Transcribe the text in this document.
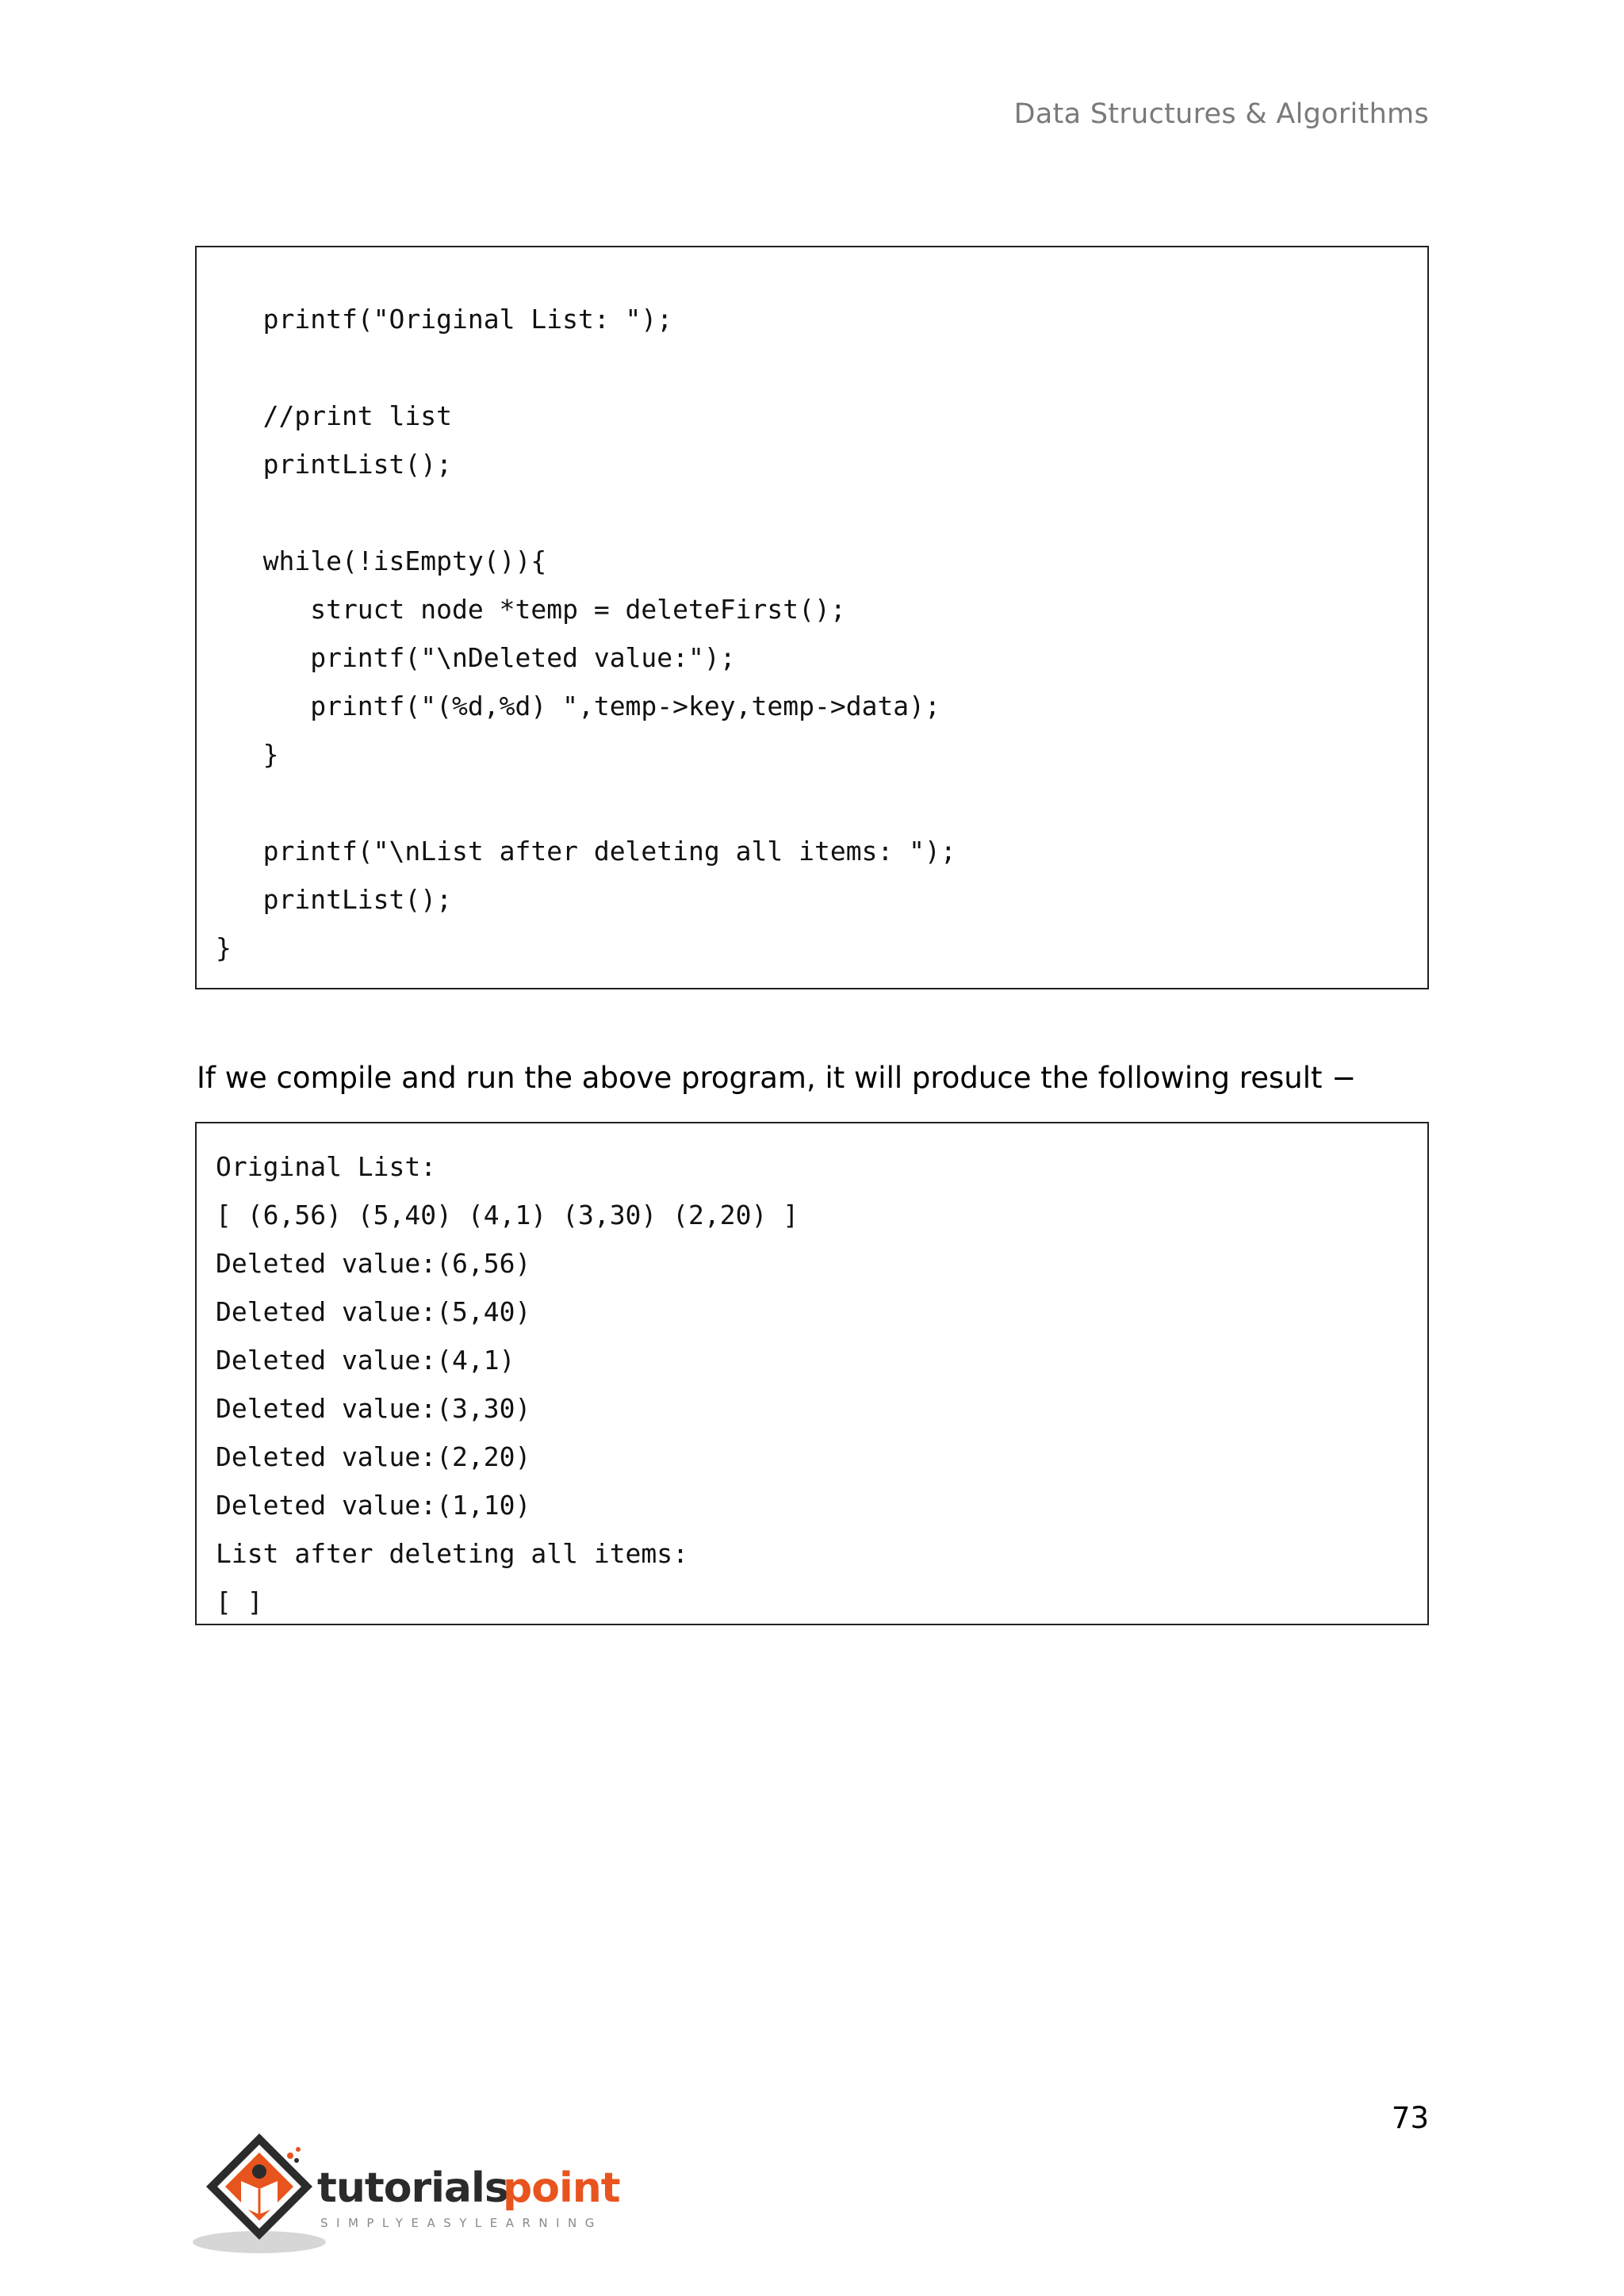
Data Structures & Algorithms
printf("Original List: ");
//print list
printList();
while(!isEmpty()){
struct node *temp = deleteFirst();
printf("\nDeleted value:");
printf("(%d,%d) ",temp->key,temp->data);
}
printf("\nList after deleting all items: ");
printList();
}
If we compile and run the above program, it will produce the following result −
Original List:
[ (6,56) (5,40) (4,1) (3,30) (2,20) ]
Deleted value:(6,56)
Deleted value:(5,40)
Deleted value:(4,1)
Deleted value:(3,30)
Deleted value:(2,20)
Deleted value:(1,10)
List after deleting all items:
[ ]
73
tutorials
point
SIMPLYEASYLEARNING
